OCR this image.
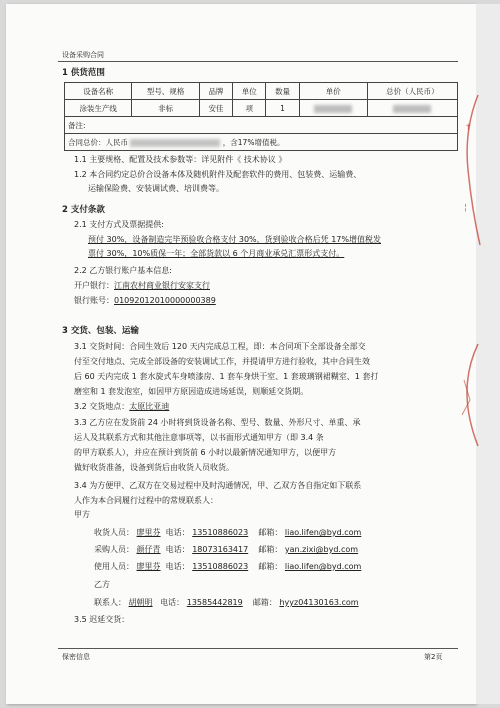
设备采购合同
1 供货范围
设备名称	型号、规格	品牌	单位	数量	单价	总价（人民币）
涂装生产线	非标	安佳	项	1		
备注:						
合同总价：人民币 ，含17%增值税。						
1.1 主要规格、配置及技术参数等：详见附件《 技术协议 》
1.2 本合同约定总价合设备本体及随机附件及配套软件的费用、包装费、运输费、
运输保险费、安装调试费、培训费等。
2 支付条款
2.1 支付方式及票据提供:
预付 30%，设备制造完毕预验收合格支付 30%，货到验收合格后凭 17%增值税发
票付 30%，10%质保一年；全部货款以 6 个月商业承兑汇票形式支付。
2.2 乙方银行账户基本信息:
开户银行：江南农村商业银行安家支行
银行账号：01092012010000000389
3 交货、包装、运输
3.1 交货时间：合同生效后 120 天内完成总工程，即：本合同项下全部设备全部交
付至交付地点、完成全部设备的安装调试工作，并提请甲方进行验收，其中合同生效
后 60 天内完成 1 套水旋式车身喷漆房、1 套车身烘干室、1 套玻璃钢裙糊室、1 套打
磨室和 1 套发泡室，如因甲方原因造成进场延误，则顺延交货期。
3.2 交货地点：太原比亚迪
3.3 乙方应在发货前 24 小时将到货设备名称、型号、数量、外形尺寸、单重、承
运人及其联系方式和其他注意事项等，以书面形式通知甲方（即 3.4 条
的甲方联系人），并应在预计到货前 6 小时以最新情况通知甲方，以便甲方
做好收货准备，设备到货后由收货人员收货。
3.4 为方便甲、乙双方在交易过程中及时沟通情况，甲、乙双方各自指定如下联系
人作为本合同履行过程中的常规联系人：
甲方
收货人员： 廖里芬 电话： 13510886023 邮箱： liao.lifen@byd.com
采购人员： 颜仔青 电话： 18073163417 邮箱： yan.zixi@byd.com
使用人员： 廖里芬 电话： 13510886023 邮箱： liao.lifen@byd.com
乙方
联系人： 胡朝明 电话： 13585442819 邮箱： hyyz04130163.com
3.5 迟延交货：
保密信息	第2页
†
¦
